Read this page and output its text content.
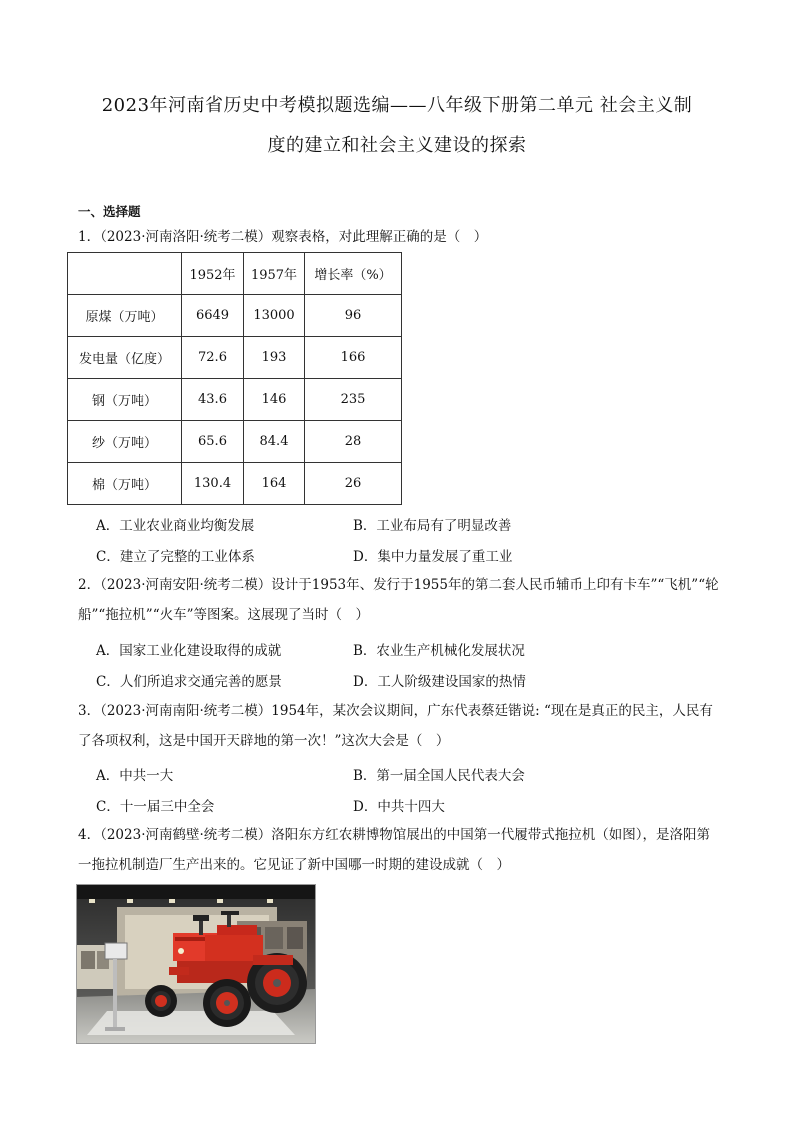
2023年河南省历史中考模拟题选编——八年级下册第二单元 社会主义制
度的建立和社会主义建设的探索
一、选择题
1．（2023·河南洛阳·统考二模）观察表格，对此理解正确的是（　）
	1952年	1957年	增长率（%）
原煤（万吨）	6649	13000	96
发电量（亿度）	72.6	193	166
钢（万吨）	43.6	146	235
纱（万吨）	65.6	84.4	28
棉（万吨）	130.4	164	26
A．工业农业商业均衡发展	B．工业布局有了明显改善
C．建立了完整的工业体系	D．集中力量发展了重工业
2．（2023·河南安阳·统考二模）设计于1953年、发行于1955年的第二套人民币辅币上印有卡车”“飞机”“轮
船”“拖拉机”“火车”等图案。这展现了当时（　）
A．国家工业化建设取得的成就	B．农业生产机械化发展状况
C．人们所追求交通完善的愿景	D．工人阶级建设国家的热情
3．（2023·河南南阳·统考二模）1954年，某次会议期间，广东代表蔡廷锴说: “现在是真正的民主，人民有
了各项权利，这是中国开天辟地的第一次！”这次大会是（　）
A．中共一大	B．第一届全国人民代表大会
C．十一届三中全会	D．中共十四大
4．（2023·河南鹤壁·统考二模）洛阳东方红农耕博物馆展出的中国第一代履带式拖拉机（如图），是洛阳第
一拖拉机制造厂生产出来的。它见证了新中国哪一时期的建设成就（　）
